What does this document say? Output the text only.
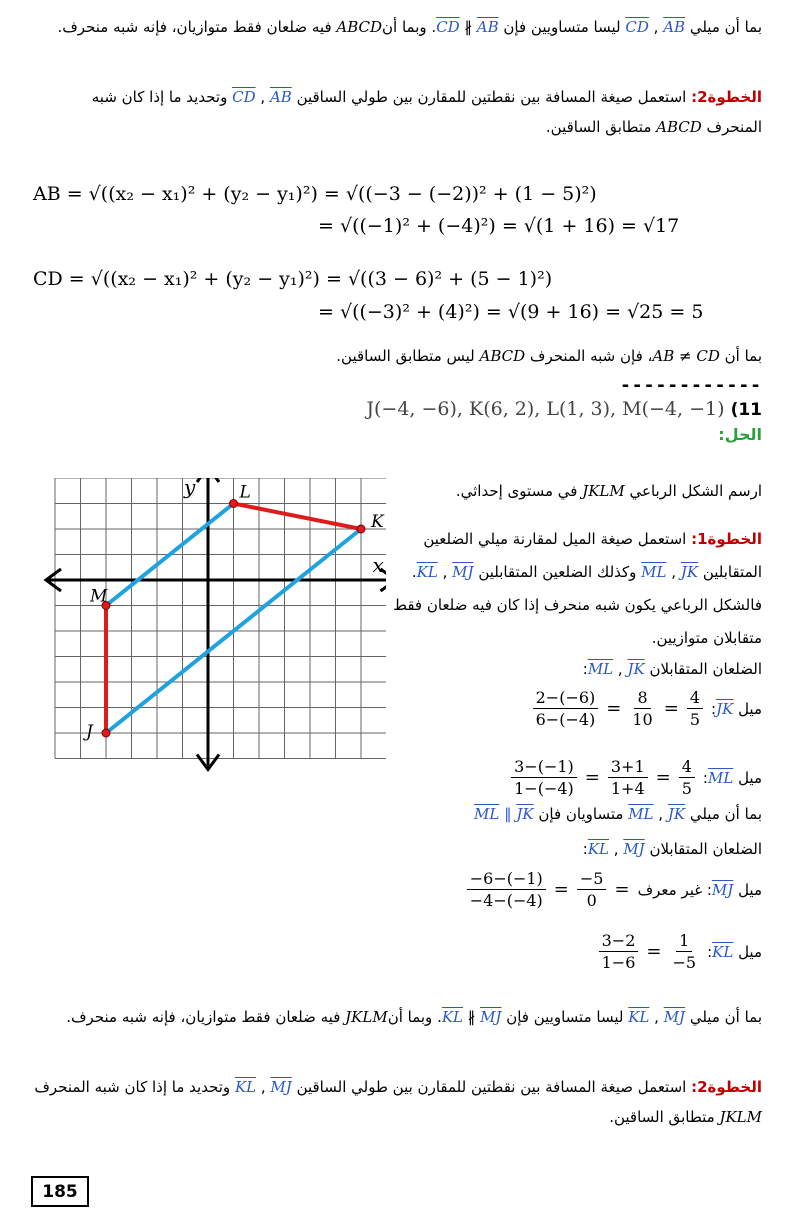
بما أن ميلي AB , CD ليسا متساويين فإن AB ∦ CD. وبما أنABCD فيه ضلعان فقط متوازيان، فإنه شبه منحرف.
الخطوة2: استعمل صيغة المسافة بين نقطتين للمقارن بين طولي الساقين AB , CD وتحديد ما إذا كان شبه المنحرف ABCD متطابق الساقين.
AB = √((x₂ − x₁)² + (y₂ − y₁)²) = √((−3 − (−2))² + (1 − 5)²)
= √((−1)² + (−4)²) = √(1 + 16) = √17
CD = √((x₂ − x₁)² + (y₂ − y₁)²) = √((3 − 6)² + (5 − 1)²)
= √((−3)² + (4)²) = √(9 + 16) = √25 = 5
بما أن AB ≠ CD، فإن شبه المنحرف ABCD ليس متطابق الساقين.
------------
J(−4, −6), K(6, 2), L(1, 3), M(−4, −1) (11
الحل:
x
y
J
K
L
M
ارسم الشكل الرباعي JKLM في مستوى إحداثي.
الخطوة1: استعمل صيغة الميل لمقارنة ميلي الضلعين المتقابلين JK , ML وكذلك الضلعين المتقابلين MJ , KL. فالشكل الرباعي يكون شبه منحرف إذا كان فيه ضلعان فقط متقابلان متوازيين.
الضلعان المتقابلان JK , ML:
ميل JK:
$\frac{2-(-6)}{6-(-4)} = \frac{8}{10} = \frac{4}{5}$
ميل ML:
$\frac{3-(-1)}{1-(-4)} = \frac{3+1}{1+4} = \frac{4}{5}$
بما أن ميلي JK , ML متساويان فإن JK ∥ ML
الضلعان المتقابلان MJ , KL:
ميل MJ: غير معرف
$\frac{-6-(-1)}{-4-(-4)} = \frac{-5}{0}$ =
ميل KL:
$\frac{3-2}{1-6} = \frac{1}{-5}$
بما أن ميلي MJ , KL ليسا متساويين فإن MJ ∦ KL. وبما أنJKLM فيه ضلعان فقط متوازيان، فإنه شبه منحرف.
الخطوة2: استعمل صيغة المسافة بين نقطتين للمقارن بين طولي الساقين MJ , KL وتحديد ما إذا كان شبه المنحرف JKLM متطابق الساقين.
185
